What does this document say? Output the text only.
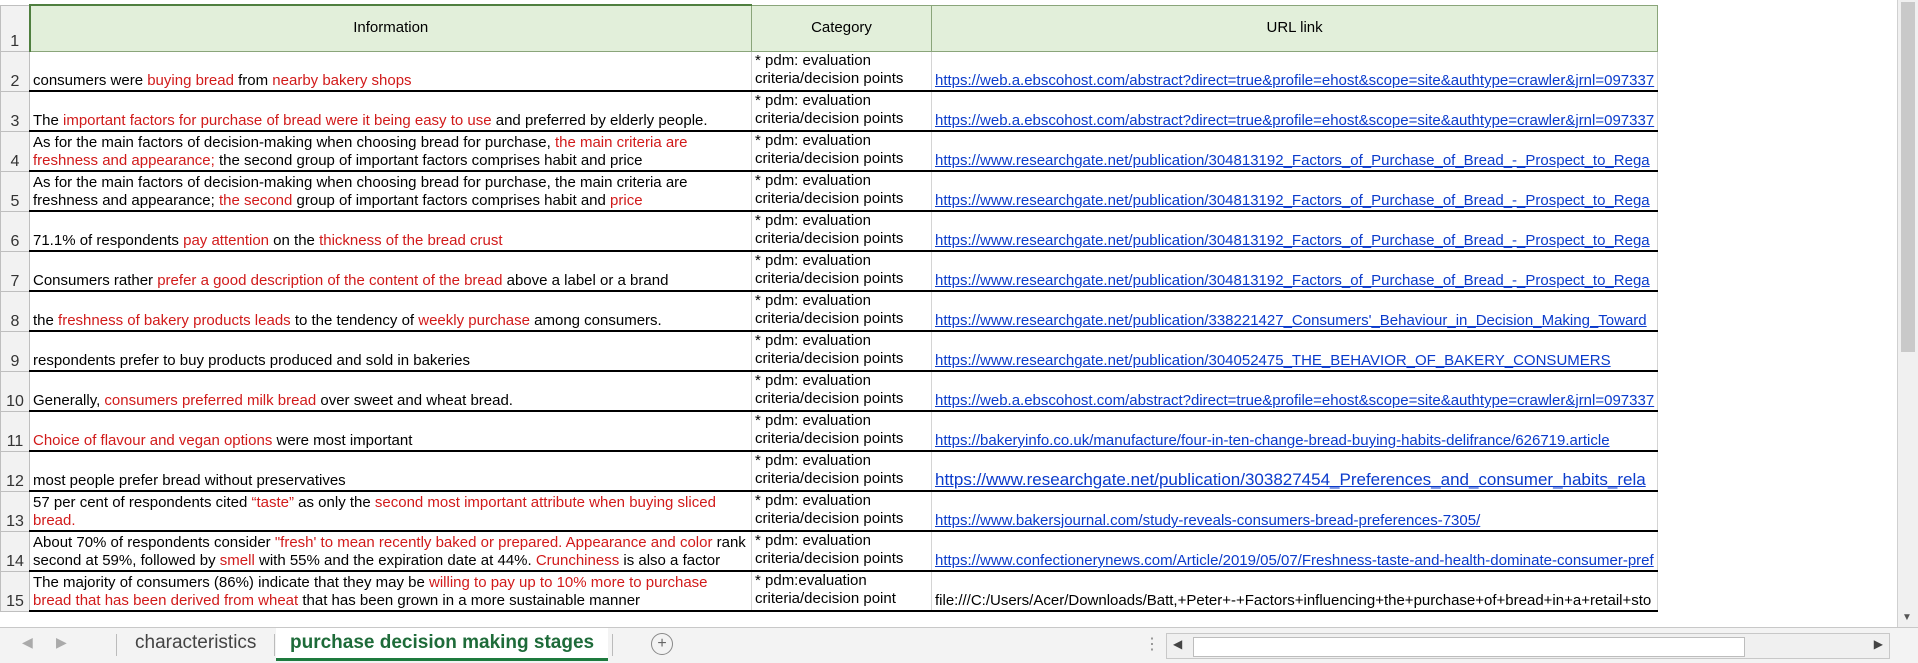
1	Information	Category	URL link
2	consumers were buying bread from nearby bakery shops	* pdm: evaluation criteria/decision points	https://web.a.ebscohost.com/abstract?direct=true&profile=ehost&scope=site&authtype=crawler&jrnl=097337
3	The important factors for purchase of bread were it being easy to use and preferred by elderly people.	* pdm: evaluation criteria/decision points	https://web.a.ebscohost.com/abstract?direct=true&profile=ehost&scope=site&authtype=crawler&jrnl=097337
4	As for the main factors of decision-making when choosing bread for purchase, the main criteria are freshness and appearance; the second group of important factors comprises habit and price	* pdm: evaluation criteria/decision points	https://www.researchgate.net/publication/304813192_Factors_of_Purchase_of_Bread_-_Prospect_to_Rega
5	As for the main factors of decision-making when choosing bread for purchase, the main criteria are freshness and appearance; the second group of important factors comprises habit and price	* pdm: evaluation criteria/decision points	https://www.researchgate.net/publication/304813192_Factors_of_Purchase_of_Bread_-_Prospect_to_Rega
6	71.1% of respondents pay attention on the thickness of the bread crust	* pdm: evaluation criteria/decision points	https://www.researchgate.net/publication/304813192_Factors_of_Purchase_of_Bread_-_Prospect_to_Rega
7	Consumers rather prefer a good description of the content of the bread above a label or a brand	* pdm: evaluation criteria/decision points	https://www.researchgate.net/publication/304813192_Factors_of_Purchase_of_Bread_-_Prospect_to_Rega
8	the freshness of bakery products leads to the tendency of weekly purchase among consumers.	* pdm: evaluation criteria/decision points	https://www.researchgate.net/publication/338221427_Consumers'_Behaviour_in_Decision_Making_Toward
9	respondents prefer to buy products produced and sold in bakeries	* pdm: evaluation criteria/decision points	https://www.researchgate.net/publication/304052475_THE_BEHAVIOR_OF_BAKERY_CONSUMERS
10	Generally, consumers preferred milk bread over sweet and wheat bread.	* pdm: evaluation criteria/decision points	https://web.a.ebscohost.com/abstract?direct=true&profile=ehost&scope=site&authtype=crawler&jrnl=097337
11	Choice of flavour and vegan options were most important	* pdm: evaluation criteria/decision points	https://bakeryinfo.co.uk/manufacture/four-in-ten-change-bread-buying-habits-delifrance/626719.article
12	most people prefer bread without preservatives	* pdm: evaluation criteria/decision points	https://www.researchgate.net/publication/303827454_Preferences_and_consumer_habits_rela
13	57 per cent of respondents cited “taste” as only the second most important attribute when buying sliced bread.	* pdm: evaluation criteria/decision points	https://www.bakersjournal.com/study-reveals-consumers-bread-preferences-7305/
14	About 70% of respondents consider "fresh' to mean recently baked or prepared. Appearance and color rank second at 59%, followed by smell with 55% and the expiration date at 44%. Crunchiness is also a factor	* pdm: evaluation criteria/decision points	https://www.confectionerynews.com/Article/2019/05/07/Freshness-taste-and-health-dominate-consumer-pref
15	The majority of consumers (86%) indicate that they may be willing to pay up to 10% more to purchase bread that has been derived from wheat that has been grown in a more sustainable manner	* pdm:evaluation criteria/decision point	file:///C:/Users/Acer/Downloads/Batt,+Peter+-+Factors+influencing+the+purchase+of+bread+in+a+retail+sto
▼
◀ ▶	characteristics	purchase decision making stages	+	⋮ ◀	▶
